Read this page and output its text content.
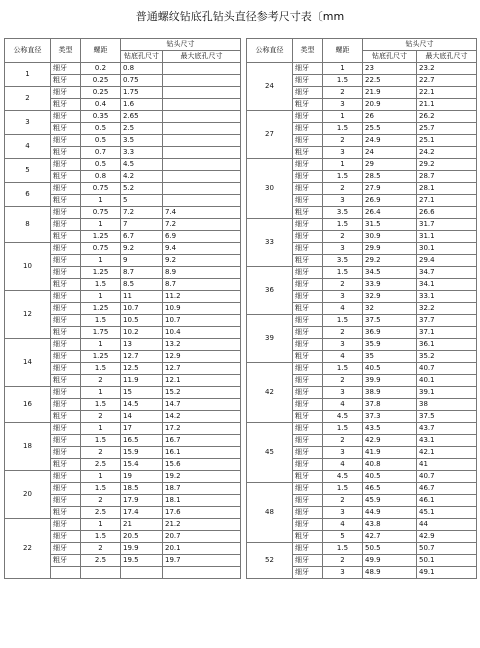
普通螺纹钻底孔钻头直径参考尺寸表〔mm
公称直径	类型	螺距	钻头尺寸	
			钻底孔尺寸	最大底孔尺寸
1	细牙	0.2	0.8	
	粗牙	0.25	0.75	
2	细牙	0.25	1.75	
	粗牙	0.4	1.6	
3	细牙	0.35	2.65	
	粗牙	0.5	2.5	
4	细牙	0.5	3.5	
	粗牙	0.7	3.3	
5	细牙	0.5	4.5	
	粗牙	0.8	4.2	
6	细牙	0.75	5.2	
	粗牙	1	5	
8	细牙	0.75	7.2	7.4
	细牙	1	7	7.2
	粗牙	1.25	6.7	6.9
10	细牙	0.75	9.2	9.4
	细牙	1	9	9.2
	细牙	1.25	8.7	8.9
	粗牙	1.5	8.5	8.7
12	细牙	1	11	11.2
	细牙	1.25	10.7	10.9
	细牙	1.5	10.5	10.7
	粗牙	1.75	10.2	10.4
14	细牙	1	13	13.2
	细牙	1.25	12.7	12.9
	细牙	1.5	12.5	12.7
	粗牙	2	11.9	12.1
16	细牙	1	15	15.2
	细牙	1.5	14.5	14.7
	粗牙	2	14	14.2
18	细牙	1	17	17.2
	细牙	1.5	16.5	16.7
	细牙	2	15.9	16.1
	粗牙	2.5	15.4	15.6
20	细牙	1	19	19.2
	细牙	1.5	18.5	18.7
	细牙	2	17.9	18.1
	粗牙	2.5	17.4	17.6
22	细牙	1	21	21.2
	细牙	1.5	20.5	20.7
	细牙	2	19.9	20.1
	粗牙	2.5	19.5	19.7

公称直径	类型	螺距	钻头尺寸	
			钻底孔尺寸	最大底孔尺寸
24	细牙	1	23	23.2
	细牙	1.5	22.5	22.7
	细牙	2	21.9	22.1
	粗牙	3	20.9	21.1
27	细牙	1	26	26.2
	细牙	1.5	25.5	25.7
	细牙	2	24.9	25.1
	粗牙	3	24	24.2
30	细牙	1	29	29.2
	细牙	1.5	28.5	28.7
	细牙	2	27.9	28.1
	细牙	3	26.9	27.1
	粗牙	3.5	26.4	26.6
33	细牙	1.5	31.5	31.7
	细牙	2	30.9	31.1
	细牙	3	29.9	30.1
	粗牙	3.5	29.2	29.4
36	细牙	1.5	34.5	34.7
	细牙	2	33.9	34.1
	细牙	3	32.9	33.1
	粗牙	4	32	32.2
39	细牙	1.5	37.5	37.7
	细牙	2	36.9	37.1
	细牙	3	35.9	36.1
	粗牙	4	35	35.2
42	细牙	1.5	40.5	40.7
	细牙	2	39.9	40.1
	细牙	3	38.9	39.1
	细牙	4	37.8	38
	粗牙	4.5	37.3	37.5
45	细牙	1.5	43.5	43.7
	细牙	2	42.9	43.1
	细牙	3	41.9	42.1
	细牙	4	40.8	41
	粗牙	4.5	40.5	40.7
48	细牙	1.5	46.5	46.7
	细牙	2	45.9	46.1
	细牙	3	44.9	45.1
	细牙	4	43.8	44
	粗牙	5	42.7	42.9
52	细牙	1.5	50.5	50.7
	细牙	2	49.9	50.1
	细牙	3	48.9	49.1
